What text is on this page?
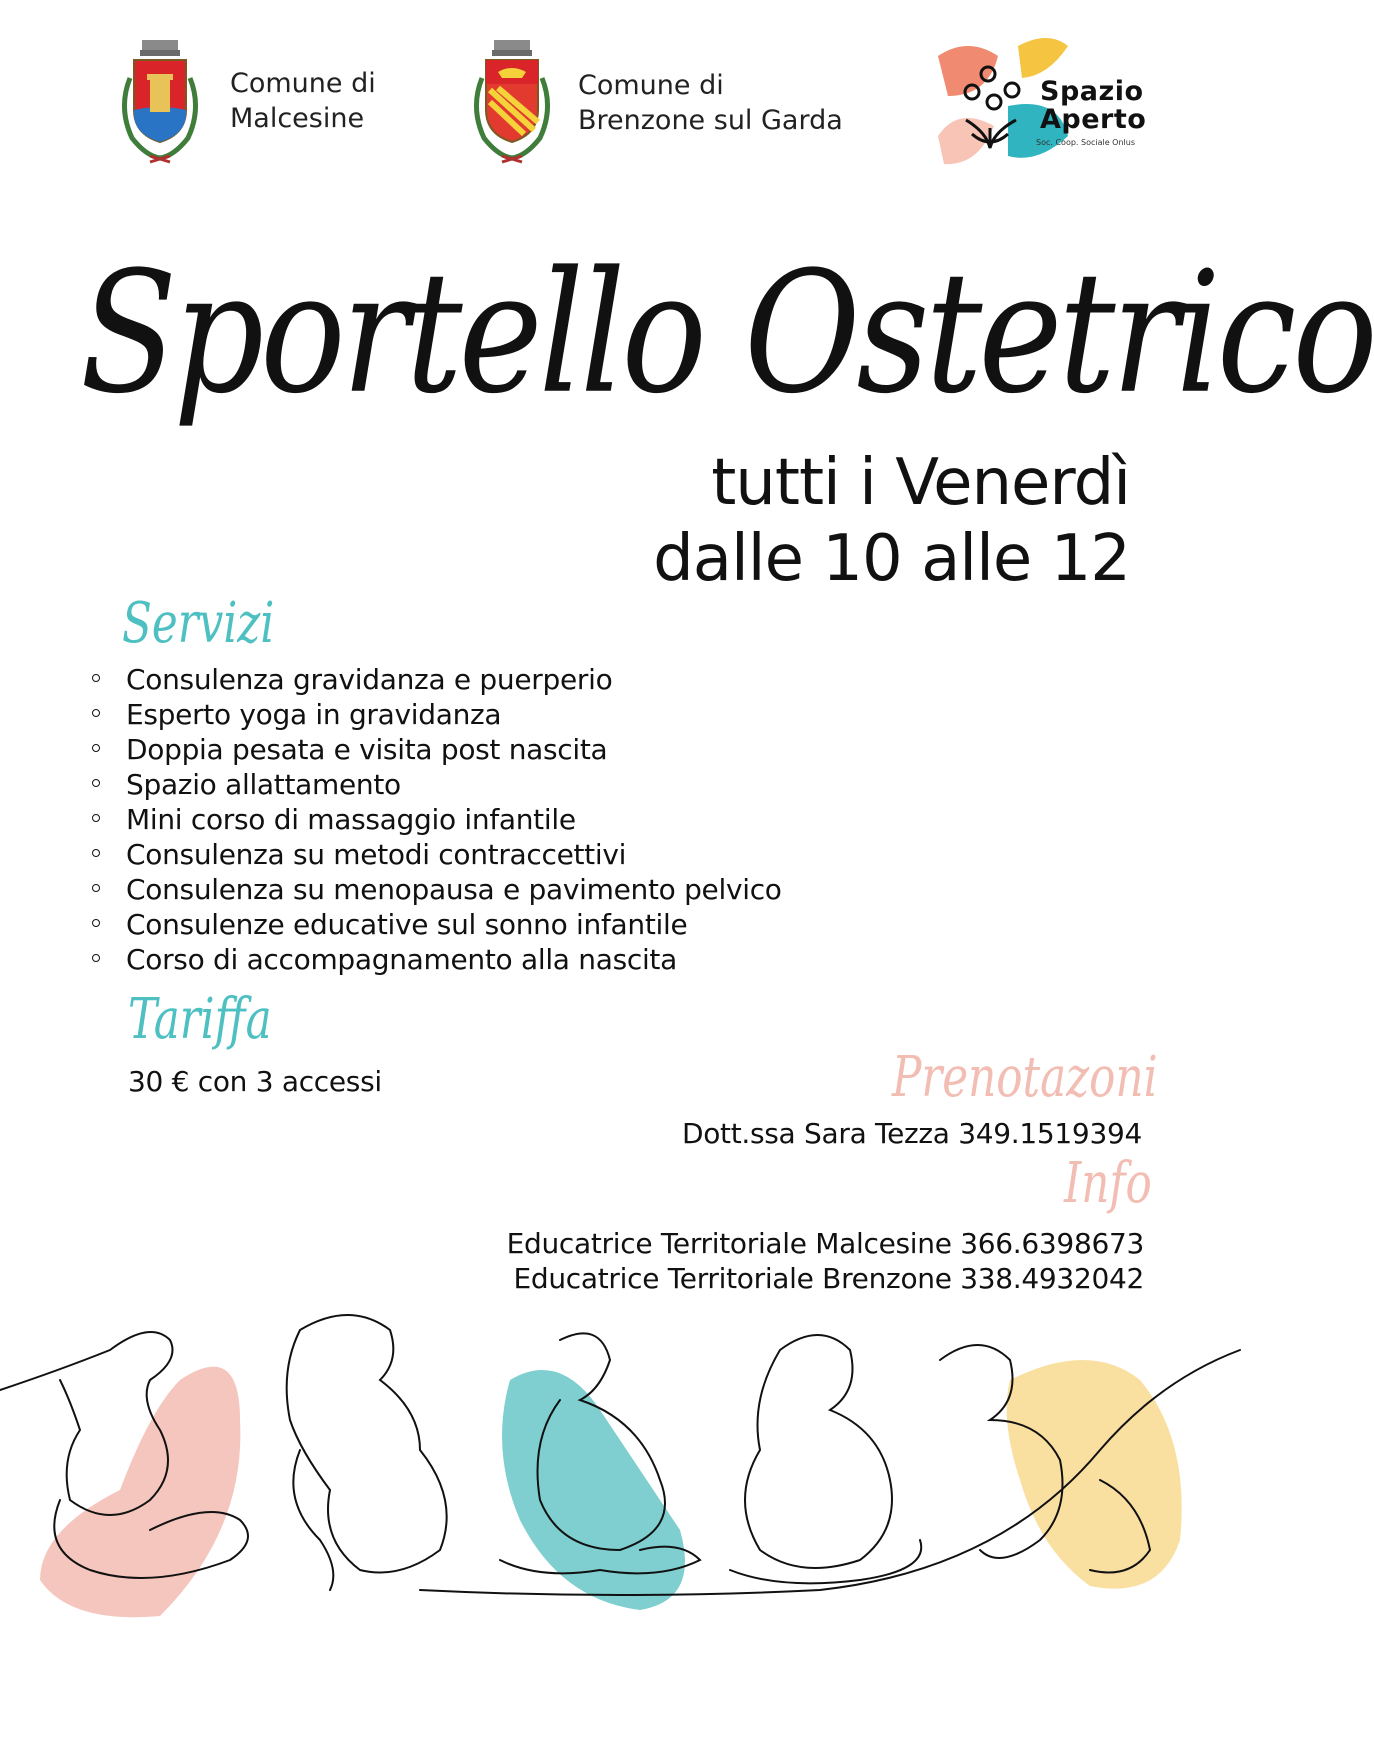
Comune di
Malcesine
Comune di
Brenzone sul Garda
Spazio
Aperto
Soc. Coop. Sociale Onlus
Sportello Ostetrico
tutti i Venerdì
dalle 10 alle 12
Servizi
Consulenza gravidanza e puerperio
Esperto yoga in gravidanza
Doppia pesata e visita post nascita
Spazio allattamento
Mini corso di massaggio infantile
Consulenza su metodi contraccettivi
Consulenza su menopausa e pavimento pelvico
Consulenze educative sul sonno infantile
Corso di accompagnamento alla nascita
Tariffa
30 € con 3 accessi	Prenotazoni
Dott.ssa Sara Tezza 349.1519394
Info
Educatrice Territoriale Malcesine 366.6398673
Educatrice Territoriale Brenzone 338.4932042
